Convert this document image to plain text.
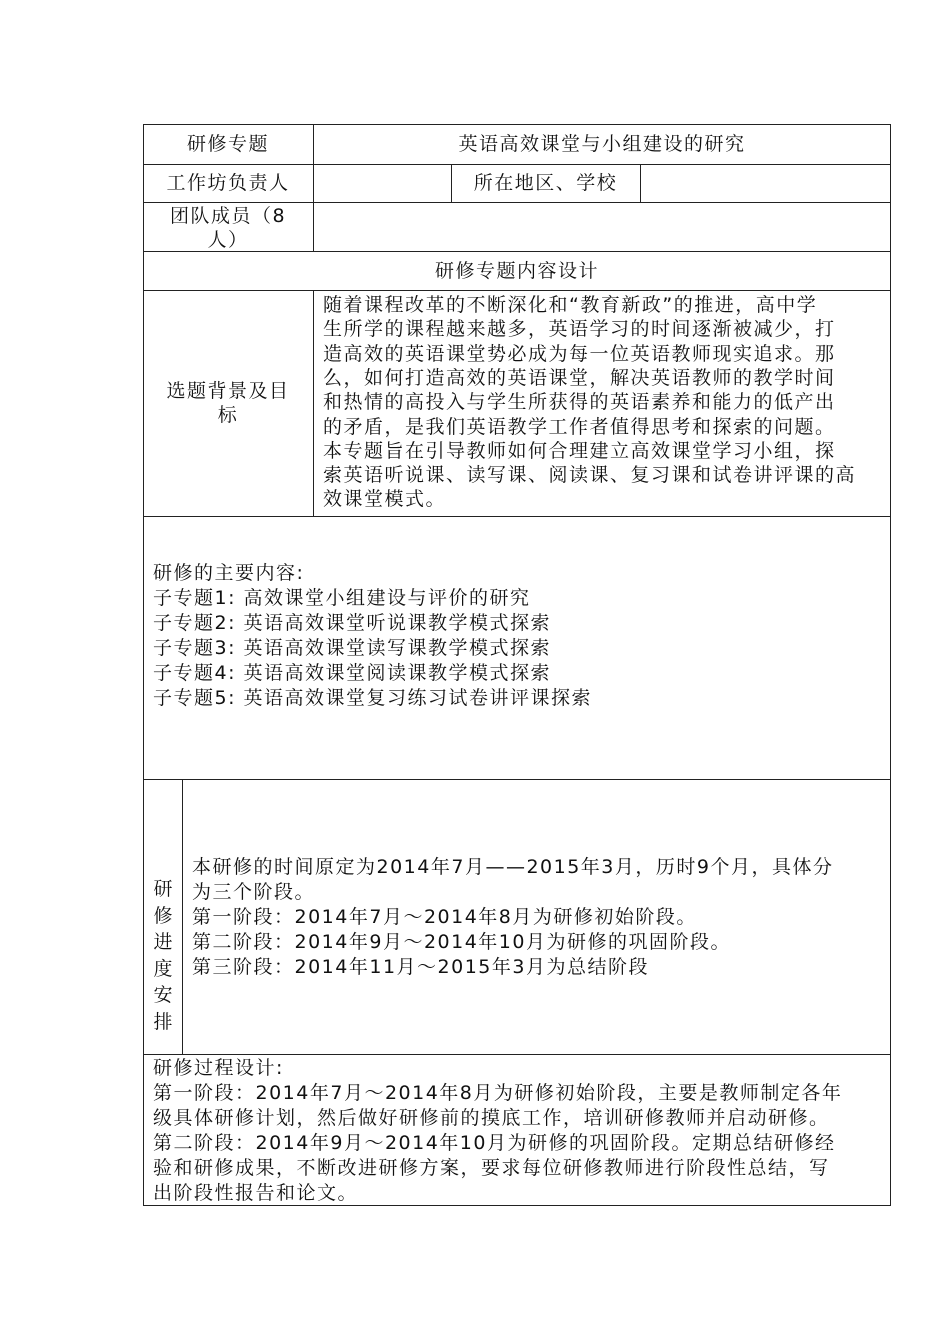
研修专题	英语高效课堂与小组建设的研究
工作坊负责人	所在地区、学校
团队成员（8
人）
研修专题内容设计
选题背景及目
标
随着课程改革的不断深化和“教育新政”的推进，高中学
生所学的课程越来越多，英语学习的时间逐渐被减少，打
造高效的英语课堂势必成为每一位英语教师现实追求。那
么，如何打造高效的英语课堂，解决英语教师的教学时间
和热情的高投入与学生所获得的英语素养和能力的低产出
的矛盾，是我们英语教学工作者值得思考和探索的问题。
本专题旨在引导教师如何合理建立高效课堂学习小组，探
索英语听说课、读写课、阅读课、复习课和试卷讲评课的高
效课堂模式。
研修的主要内容:
子专题1: 高效课堂小组建设与评价的研究
子专题2: 英语高效课堂听说课教学模式探索
子专题3: 英语高效课堂读写课教学模式探索
子专题4: 英语高效课堂阅读课教学模式探索
子专题5: 英语高效课堂复习练习试卷讲评课探索
研
修
进
度
安
排
本研修的时间原定为2014年7月——2015年3月，历时9个月，具体分
为三个阶段。
第一阶段：2014年7月～2014年8月为研修初始阶段。
第二阶段：2014年9月～2014年10月为研修的巩固阶段。
第三阶段：2014年11月～2015年3月为总结阶段
研修过程设计:
第一阶段：2014年7月～2014年8月为研修初始阶段，主要是教师制定各年
级具体研修计划，然后做好研修前的摸底工作，培训研修教师并启动研修。
第二阶段：2014年9月～2014年10月为研修的巩固阶段。定期总结研修经
验和研修成果，不断改进研修方案，要求每位研修教师进行阶段性总结，写
出阶段性报告和论文。
